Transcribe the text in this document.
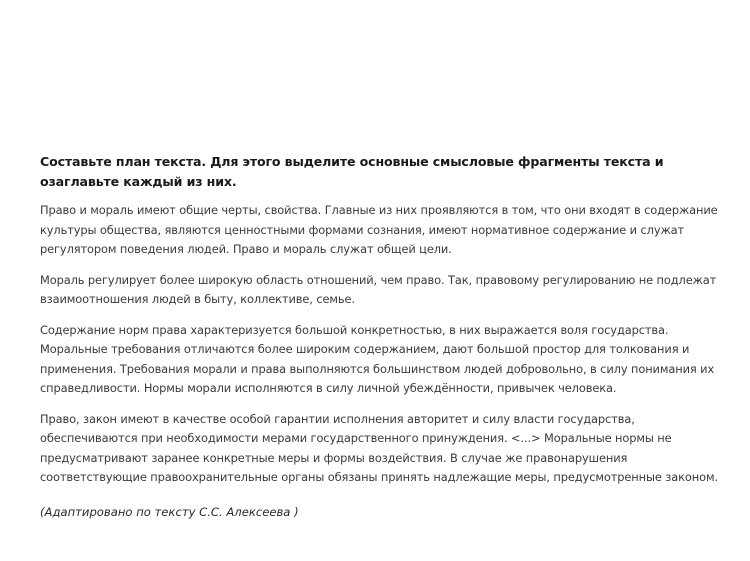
Составьте план текста. Для этого выделите основные смысловые фрагменты текста и озаглавьте каждый из них.

Право и мораль имеют общие черты, свойства. Главные из них проявляются в том, что они входят в содержание культуры общества, являются ценностными формами сознания, имеют нормативное содержание и служат регулятором поведения людей. Право и мораль служат общей цели.

Мораль регулирует более широкую область отношений, чем право. Так, правовому регулированию не подлежат взаимоотношения людей в быту, коллективе, семье.

Содержание норм права характеризуется большой конкретностью, в них выражается воля государства. Моральные требования отличаются более широким содержанием, дают большой простор для толкования и применения. Требования морали и права выполняются большинством людей добровольно, в силу понимания их справедливости. Нормы морали исполняются в силу личной убеждённости, привычек человека.

Право, закон имеют в качестве особой гарантии исполнения авторитет и силу власти государства, обеспечиваются при необходимости мерами государственного принуждения. <...> Моральные нормы не предусматривают заранее конкретные меры и формы воздействия. В случае же правонарушения соответствующие правоохранительные органы обязаны принять надлежащие меры, предусмотренные законом.

(Адаптировано по тексту С.С. Алексеева )
